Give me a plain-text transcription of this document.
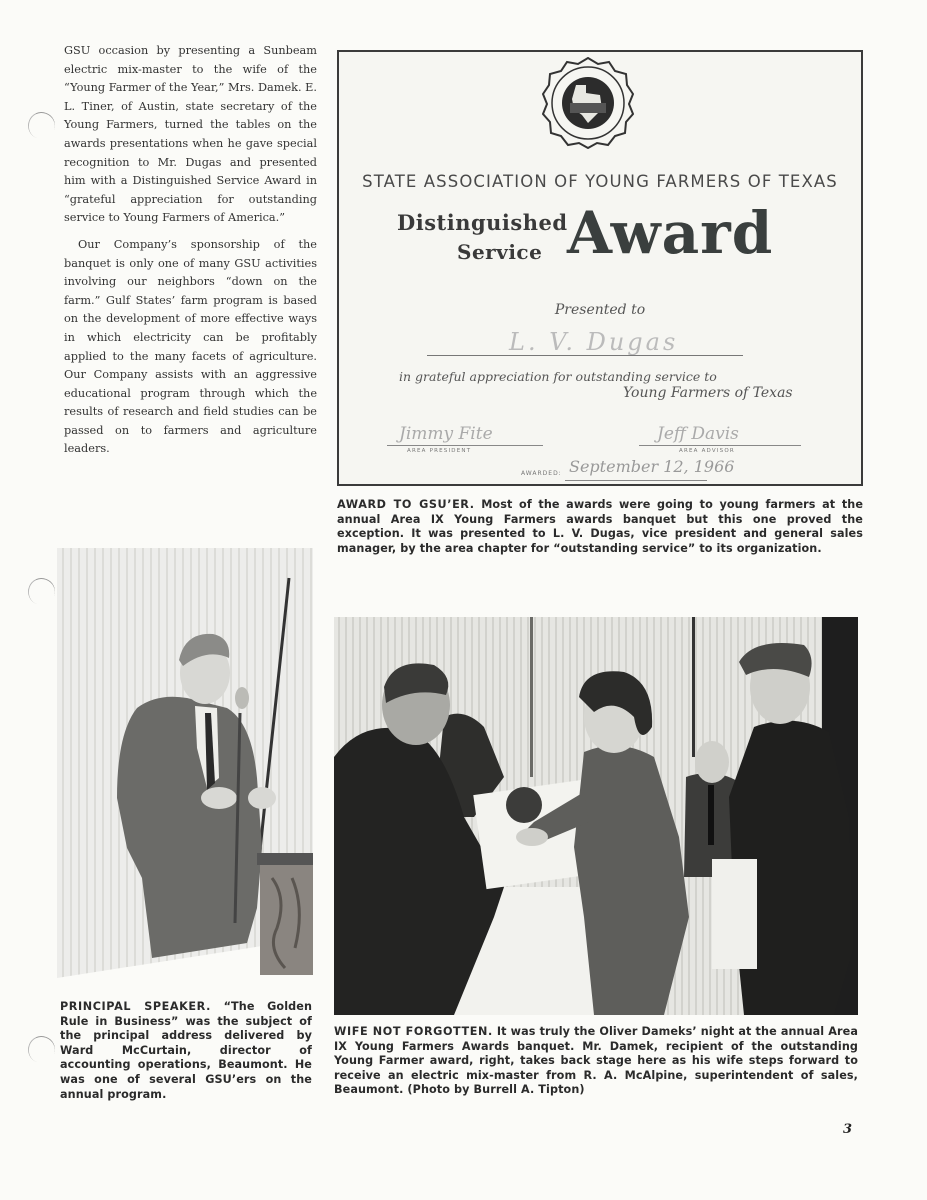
GSU occasion by presenting a Sunbeam electric mix-master to the wife of the “Young Farmer of the Year,” Mrs. Damek. E. L. Tiner, of Austin, state secretary of the Young Farmers, turned the tables on the awards presentations when he gave special recognition to Mr. Dugas and presented him with a Distinguished Service Award in “grateful appreciation for outstanding service to Young Farmers of America.”

Our Company’s sponsorship of the banquet is only one of many GSU activities involving our neighbors “down on the farm.” Gulf States’ farm program is based on the development of more effective ways in which electricity can be profitably applied to the many facets of agriculture. Our Company assists with an aggressive educational program through which the results of research and field studies can be passed on to farmers and agriculture leaders.

STATE ASSOCIATION OF YOUNG FARMERS OF TEXAS
Distinguished
Service Award
Presented to
L. V. Dugas
in grateful appreciation for outstanding service to
Young Farmers of Texas
Jimmy Fite
AREA PRESIDENT
Jeff Davis
AREA ADVISOR
AWARDED: September 12, 1966
AWARD TO GSU’ER. Most of the awards were going to young farmers at the annual Area IX Young Farmers awards banquet but this one proved the exception. It was presented to L. V. Dugas, vice president and general sales manager, by the area chapter for “outstanding service” to its organization.
PRINCIPAL SPEAKER. “The Golden Rule in Business” was the subject of the principal address delivered by Ward McCurtain, director of accounting operations, Beaumont. He was one of several GSU’ers on the annual program.
WIFE NOT FORGOTTEN. It was truly the Oliver Dameks’ night at the annual Area IX Young Farmers Awards banquet. Mr. Damek, recipient of the outstanding Young Farmer award, right, takes back stage here as his wife steps forward to receive an electric mix-master from R. A. McAlpine, superintendent of sales, Beaumont. (Photo by Burrell A. Tipton)
3
